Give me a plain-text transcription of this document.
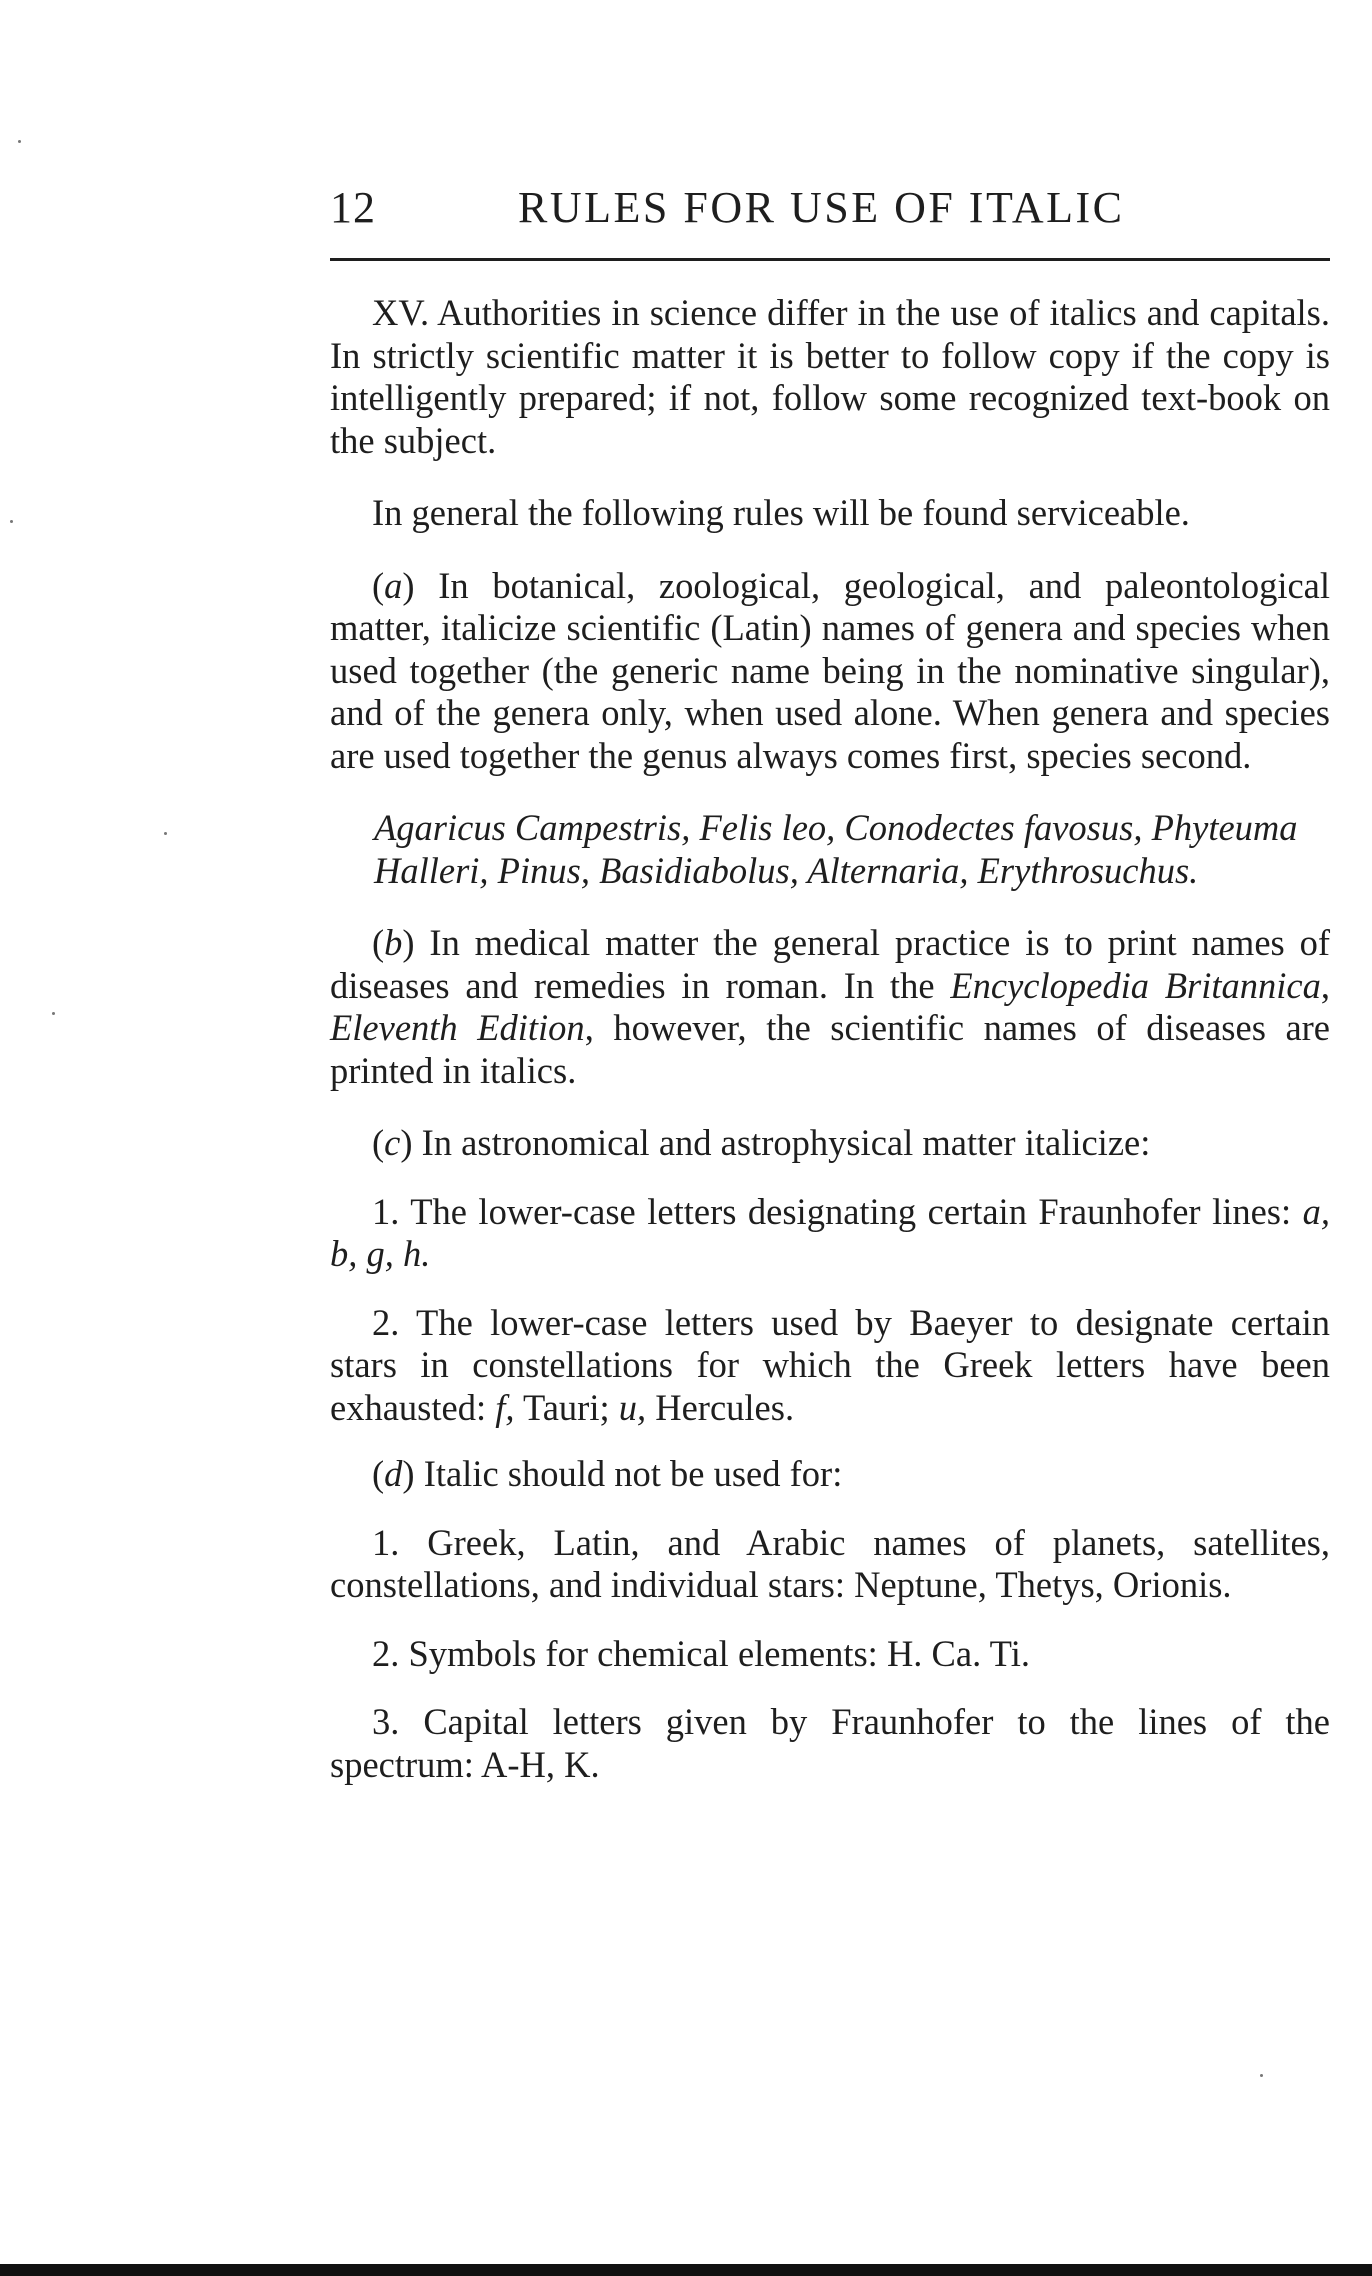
12	RULES FOR USE OF ITALIC

XV. Authorities in science differ in the use of italics and capitals. In strictly scientific matter it is better to follow copy if the copy is intelligently prepared; if not, follow some recognized text-book on the subject.

In general the following rules will be found serviceable.

(a) In botanical, zoological, geological, and paleontological matter, italicize scientific (Latin) names of genera and species when used together (the generic name being in the nominative singular), and of the genera only, when used alone. When genera and species are used together the genus always comes first, species second.

Agaricus Campestris, Felis leo, Conodectes favosus, Phyteuma

Halleri, Pinus, Basidiabolus, Alternaria, Erythrosuchus.

(b) In medical matter the general practice is to print names of diseases and remedies in roman. In the Encyclopedia Britannica, Eleventh Edition, however, the scientific names of diseases are printed in italics.

(c) In astronomical and astrophysical matter italicize:

1. The lower-case letters designating certain Fraunhofer lines: a, b, g, h.

2. The lower-case letters used by Baeyer to designate certain stars in constellations for which the Greek letters have been exhausted: f, Tauri; u, Hercules.

(d) Italic should not be used for:

1. Greek, Latin, and Arabic names of planets, satellites, constellations, and individual stars: Neptune, Thetys, Orionis.

2. Symbols for chemical elements: H. Ca. Ti.

3. Capital letters given by Fraunhofer to the lines of the spectrum: A-H, K.
